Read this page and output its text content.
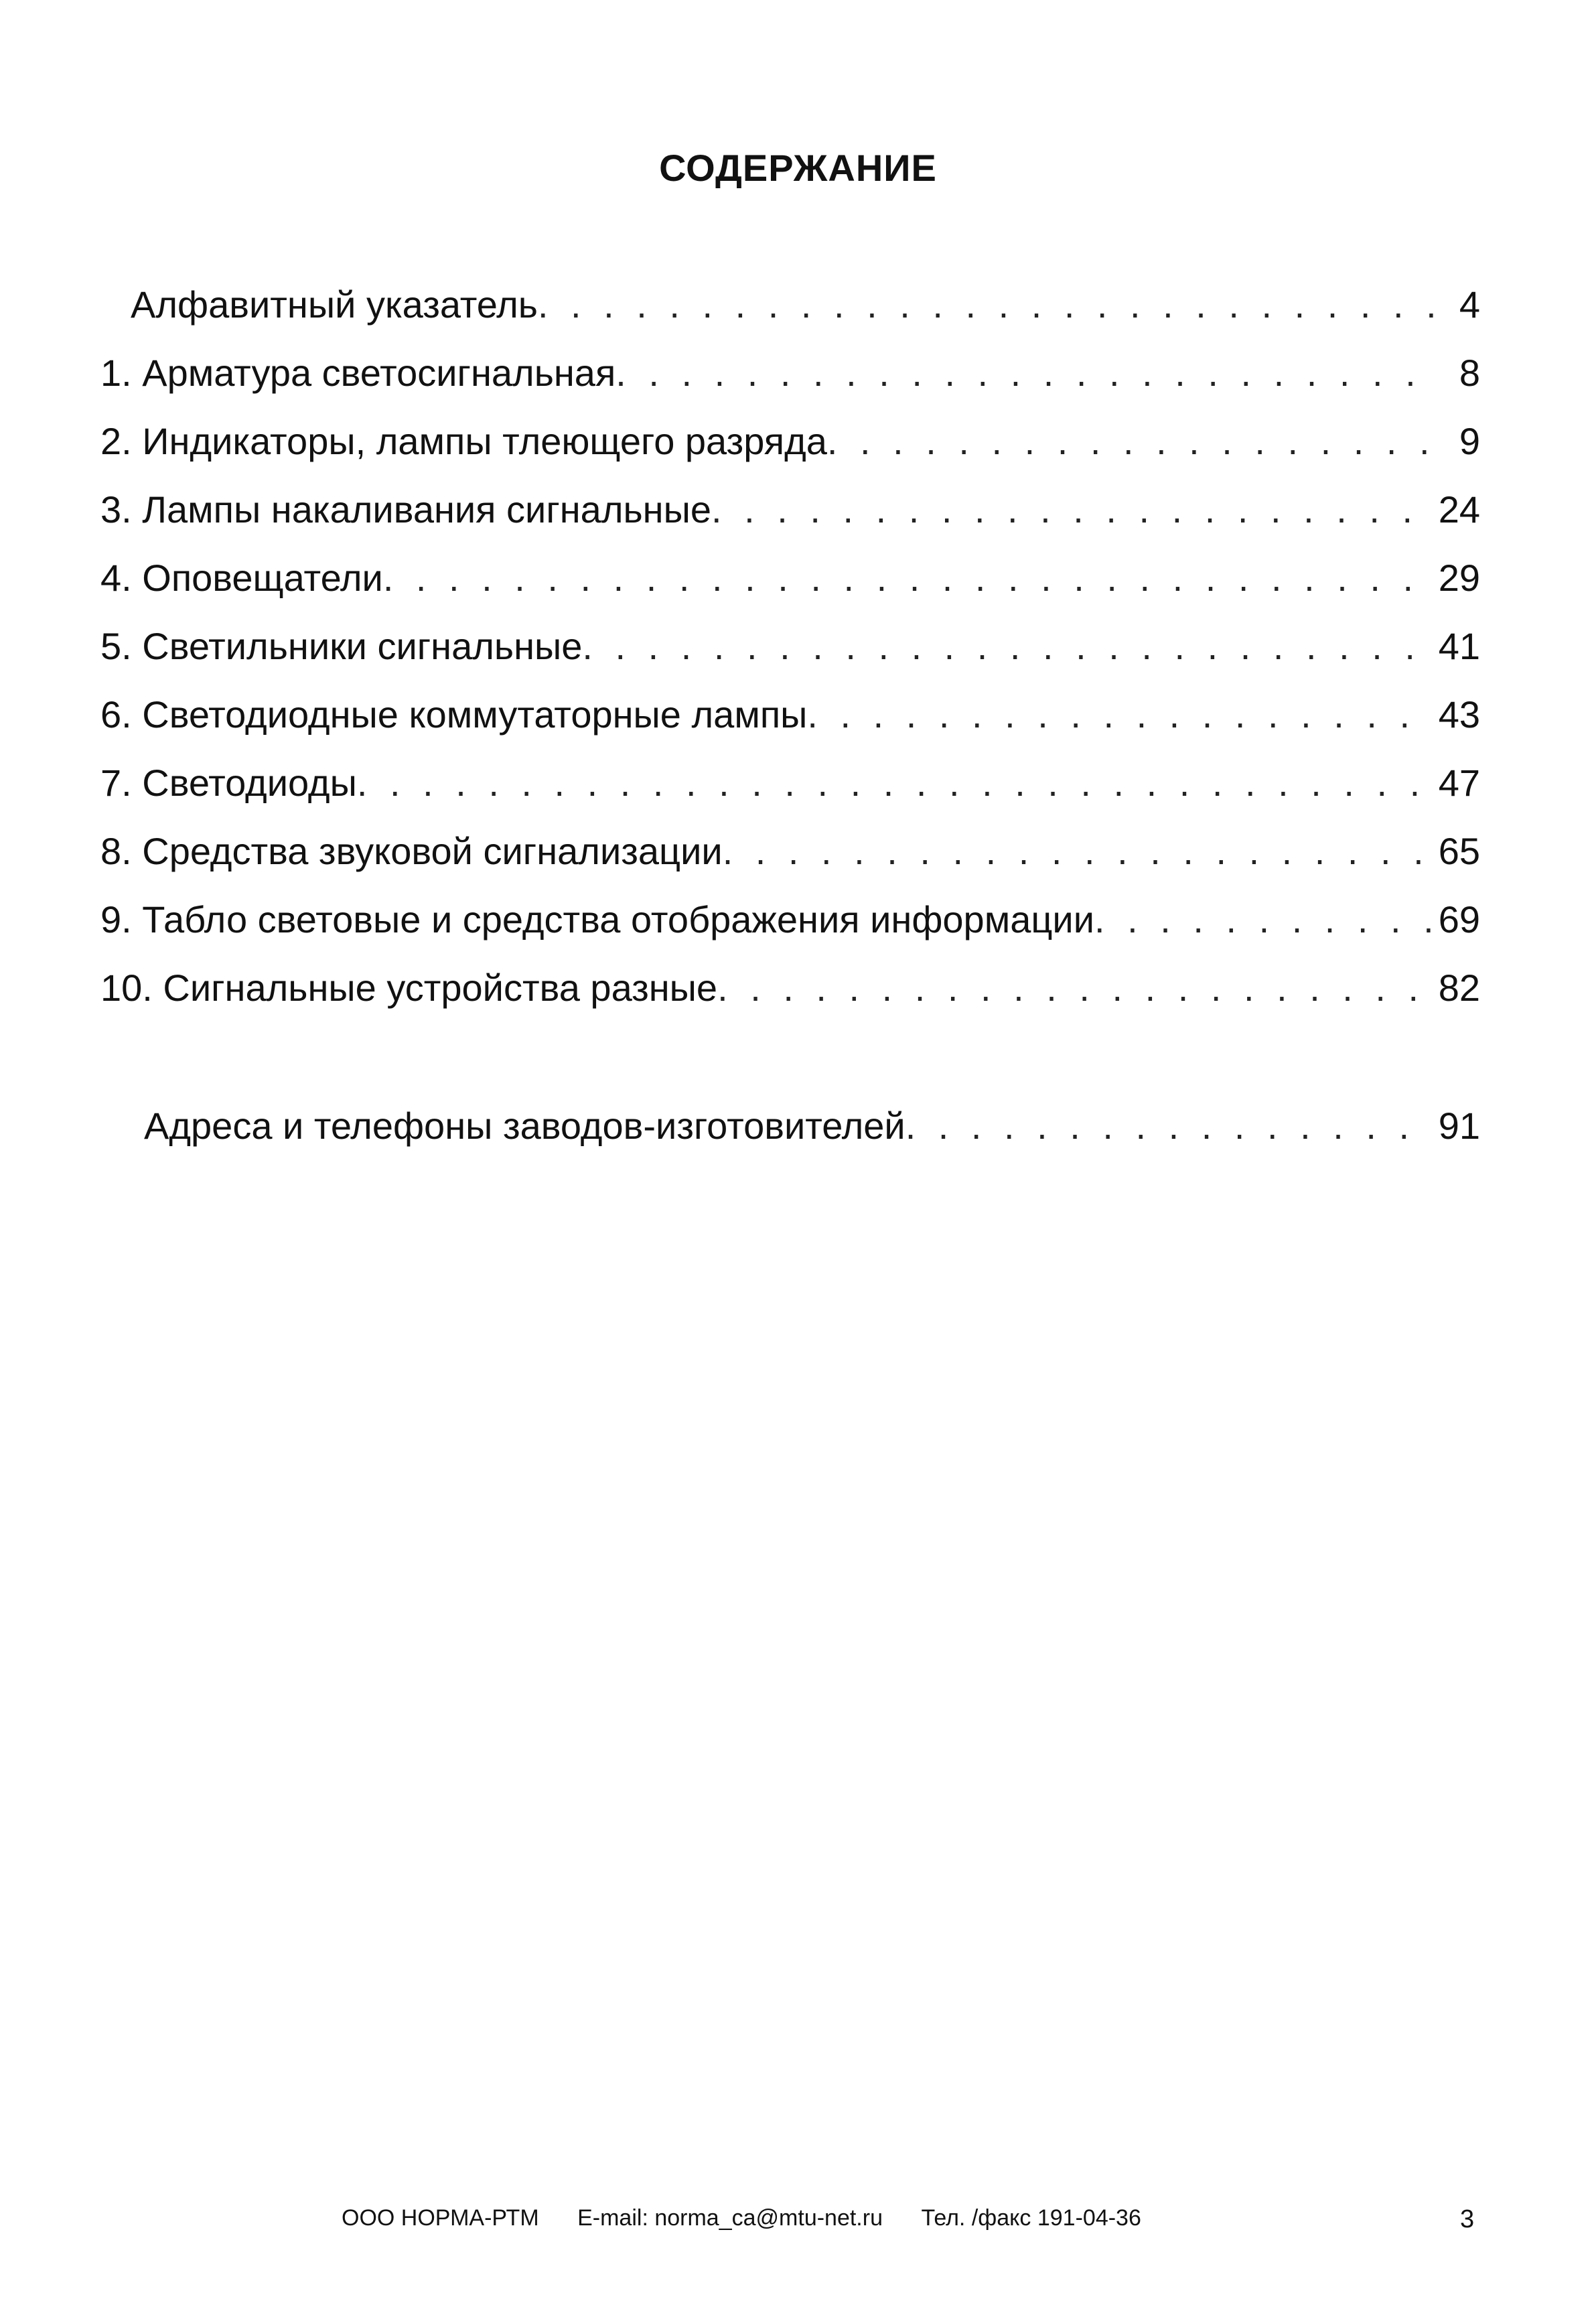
СОДЕРЖАНИЕ
Алфавитный указатель . . .	4
1. Арматура светосигнальная . . .	8
2. Индикаторы, лампы тлеющего разряда . . .	9
3. Лампы накаливания сигнальные . . .	24
4. Оповещатели . . .	29
5. Светильники сигнальные . . .	41
6. Светодиодные коммутаторные лампы . . .	43
7. Светодиоды . . .	47
8. Средства звуковой сигнализации . . .	65
9. Табло световые и средства отображения информации . . .	69
10. Сигнальные устройства разные . . .	82
Адреса и телефоны заводов-изготовителей . . .	91
ООО НОРМА-РТМ E-mail: norma_ca@mtu-net.ru Тел. /факс 191-04-36	3
